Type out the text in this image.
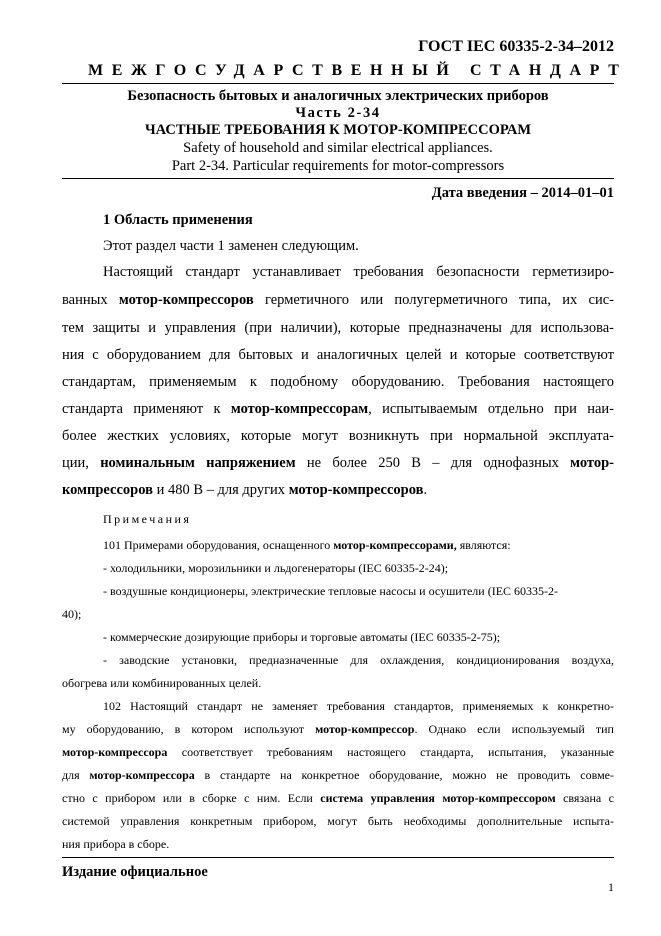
ГОСТ IEC 60335-2-34–2012
МЕЖГОСУДАРСТВЕННЫЙ СТАНДАРТ
Безопасность бытовых и аналогичных электрических приборов
Часть 2-34
ЧАСТНЫЕ ТРЕБОВАНИЯ К МОТОР-КОМПРЕССОРАМ
Safety of household and similar electrical appliances.
Part 2-34. Particular requirements for motor-compressors
Дата введения – 2014–01–01
1 Область применения
Этот раздел части 1 заменен следующим.
Настоящий стандарт устанавливает требования безопасности герметизиро-
ванных мотор-компрессоров герметичного или полугерметичного типа, их сис-
тем защиты и управления (при наличии), которые предназначены для использова-
ния с оборудованием для бытовых и аналогичных целей и которые соответствуют
стандартам, применяемым к подобному оборудованию. Требования настоящего
стандарта применяют к мотор-компрессорам, испытываемым отдельно при наи-
более жестких условиях, которые могут возникнуть при нормальной эксплуата-
ции, номинальным напряжением не более 250 В – для однофазных мотор-
компрессоров и 480 В – для других мотор-компрессоров.
Примечания
101 Примерами оборудования, оснащенного мотор-компрессорами, являются:
- холодильники, морозильники и льдогенераторы (IEC 60335-2-24);
- воздушные кондиционеры, электрические тепловые насосы и осушители (IEC 60335-2-
40);
- коммерческие дозирующие приборы и торговые автоматы (IEC 60335-2-75);
- заводские установки, предназначенные для охлаждения, кондиционирования воздуха,
обогрева или комбинированных целей.
102 Настоящий стандарт не заменяет требования стандартов, применяемых к конкретно-
му оборудованию, в котором используют мотор-компрессор. Однако если используемый тип
мотор-компрессора соответствует требованиям настоящего стандарта, испытания, указанные
для мотор-компрессора в стандарте на конкретное оборудование, можно не проводить совме-
стно с прибором или в сборке с ним. Если система управления мотор-компрессором связана с
системой управления конкретным прибором, могут быть необходимы дополнительные испыта-
ния прибора в сборе.
Издание официальное
1
